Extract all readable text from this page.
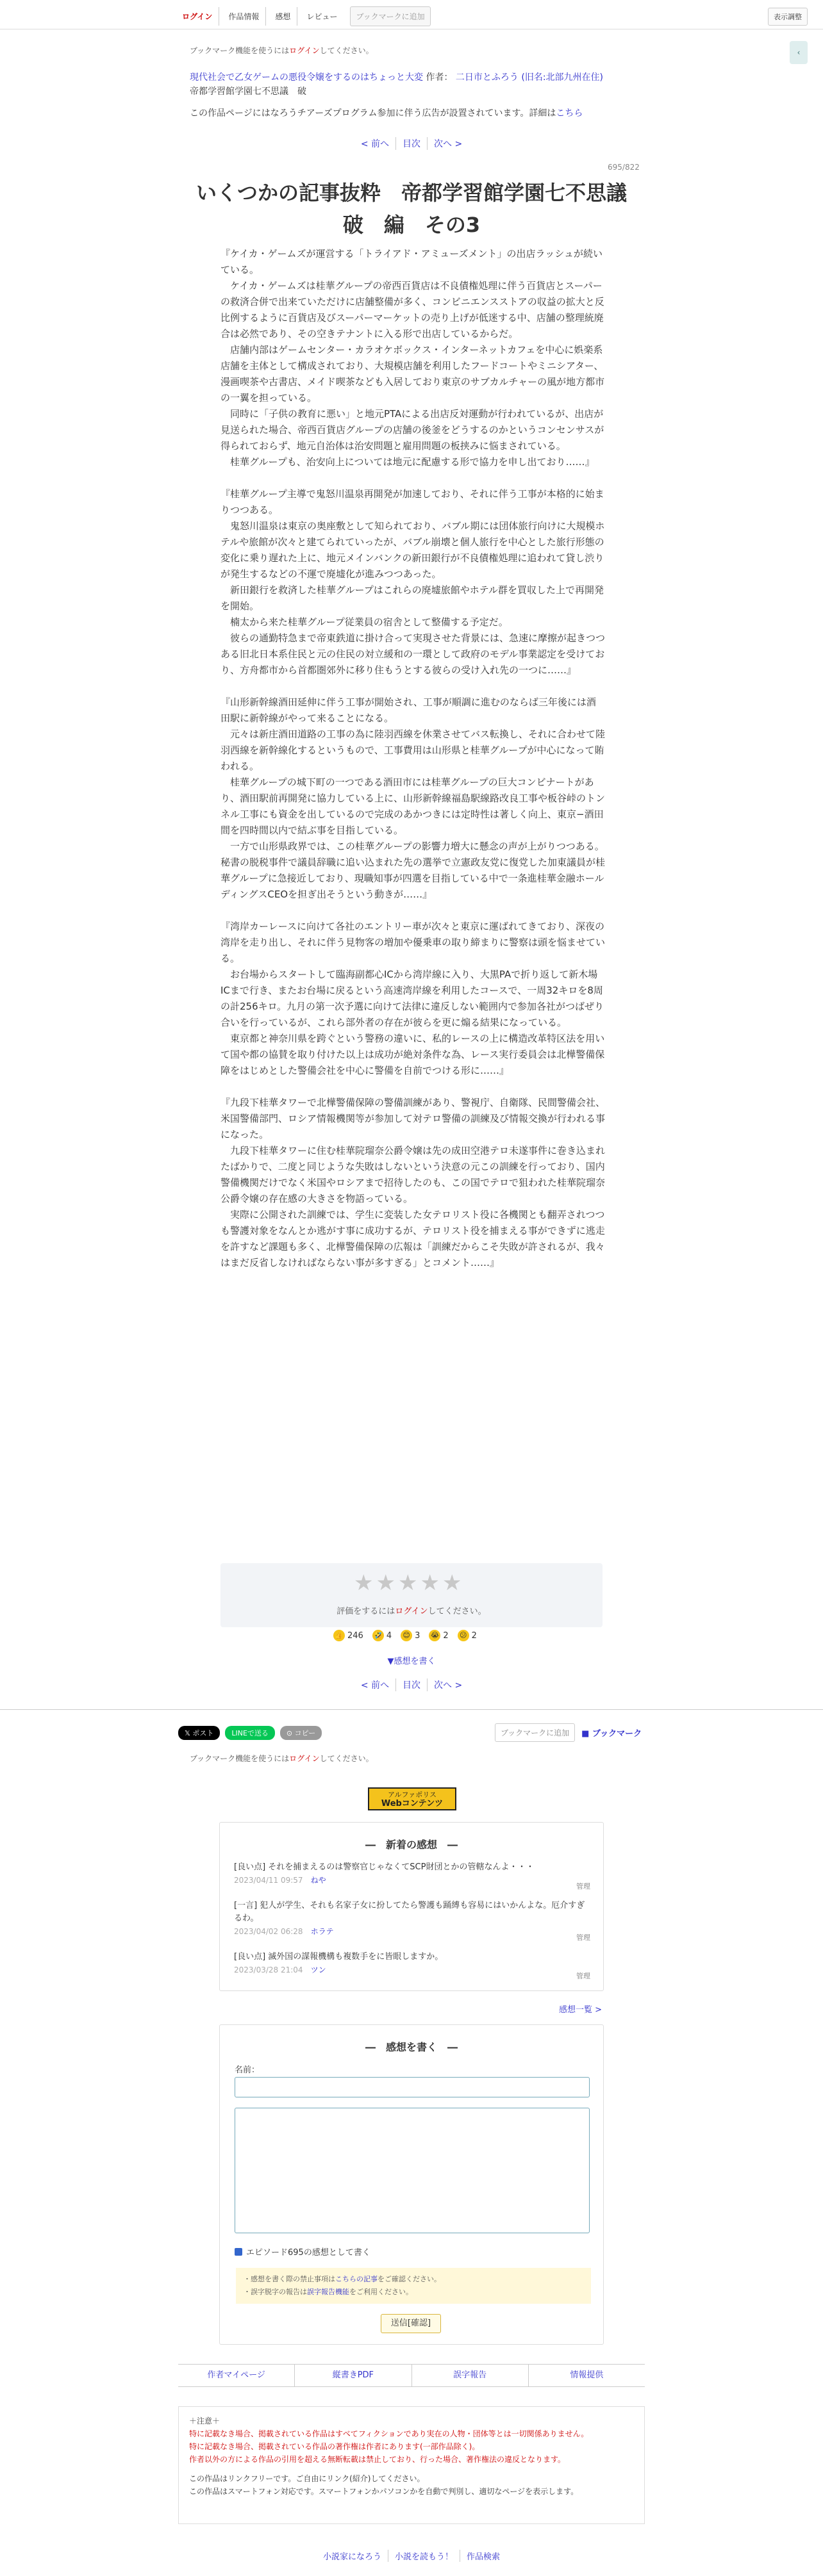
ログイン	作品情報	感想	レビュー	ブックマークに追加	表示調整
‹
ブックマーク機能を使うにはログインしてください。
現代社会で乙女ゲームの悪役令嬢をするのはちょっと大変 作者： 二日市とふろう (旧名:北部九州在住)
帝都学習館学園七不思議　破
この作品ページにはなろうチアーズプログラム参加に伴う広告が設置されています。詳細はこちら
< 前へ 目次 次へ >
695/822
いくつかの記事抜粋　帝都学習館学園七不思議　破　編　その3

『ケイカ・ゲームズが運営する「トライアド・アミューズメント」の出店ラッシュが続いている。

　ケイカ・ゲームズは桂華グループの帝西百貨店は不良債権処理に伴う百貨店とスーパーの救済合併で出来ていただけに店舗整備が多く、コンビニエンスストアの収益の拡大と反比例するように百貨店及びスーパーマーケットの売り上げが低迷する中、店舗の整理統廃合は必然であり、その空きテナントに入る形で出店しているからだ。

　店舗内部はゲームセンター・カラオケボックス・インターネットカフェを中心に娯楽系店舗を主体として構成されており、大規模店舗を利用したフードコートやミニシアター、漫画喫茶や古書店、メイド喫茶なども入居しており東京のサブカルチャーの風が地方都市の一翼を担っている。

　同時に「子供の教育に悪い」と地元PTAによる出店反対運動が行われているが、出店が見送られた場合、帝西百貨店グループの店舗の後釜をどうするのかというコンセンサスが得られておらず、地元自治体は治安問題と雇用問題の板挟みに悩まされている。

　桂華グループも、治安向上については地元に配慮する形で協力を申し出ており……』

『桂華グループ主導で鬼怒川温泉再開発が加速しており、それに伴う工事が本格的に始まりつつある。

　鬼怒川温泉は東京の奥座敷として知られており、バブル期には団体旅行向けに大規模ホテルや旅館が次々と建てられていったが、バブル崩壊と個人旅行を中心とした旅行形態の変化に乗り遅れた上に、地元メインバンクの新田銀行が不良債権処理に追われて貸し渋りが発生するなどの不運で廃墟化が進みつつあった。

　新田銀行を救済した桂華グループはこれらの廃墟旅館やホテル群を買収した上で再開発を開始。

　楠太から来た桂華グループ従業員の宿舎として整備する予定だ。

　彼らの通勤特急まで帝東鉄道に掛け合って実現させた背景には、急速に摩擦が起きつつある旧北日本系住民と元の住民の対立緩和の一環として政府のモデル事業認定を受けており、方舟都市から首都圏郊外に移り住もうとする彼らの受け入れ先の一つに……』

『山形新幹線酒田延伸に伴う工事が開始され、工事が順調に進むのならば三年後には酒田駅に新幹線がやって来ることになる。

　元々は新庄酒田道路の工事の為に陸羽西線を休業させてバス転換し、それに合わせて陸羽西線を新幹線化するというもので、工事費用は山形県と桂華グループが中心になって賄われる。

　桂華グループの城下町の一つである酒田市には桂華グループの巨大コンビナートがあり、酒田駅前再開発に協力している上に、山形新幹線福島駅線路改良工事や板谷峠のトンネル工事にも資金を出しているので完成のあかつきには定時性は著しく向上、東京−酒田間を四時間以内で結ぶ事を目指している。

　一方で山形県政界では、この桂華グループの影響力増大に懸念の声が上がりつつある。秘書の脱税事件で議員辞職に追い込まれた先の選挙で立憲政友党に復党した加東議員が桂華グループに急接近しており、現職知事が四選を目指している中で一条進桂華金融ホールディングスCEOを担ぎ出そうという動きが……』

『湾岸カーレースに向けて各社のエントリー車が次々と東京に運ばれてきており、深夜の湾岸を走り出し、それに伴う見物客の増加や優乗車の取り締まりに警察は頭を悩ませている。

　お台場からスタートして臨海副都心ICから湾岸線に入り、大黒PAで折り返して新木場ICまで行き、またお台場に戻るという高速湾岸線を利用したコースで、一周32キロを8周の計256キロ。九月の第一次予選に向けて法律に違反しない範囲内で参加各社がつばぜり合いを行っているが、これら部外者の存在が彼らを更に煽る結果になっている。

　東京都と神奈川県を跨ぐという警務の違いに、私的レースの上に構造改革特区法を用いて国や都の協賛を取り付けた以上は成功が絶対条件な為、レース実行委員会は北樺警備保障をはじめとした警備会社を中心に警備を自前でつける形に……』

『九段下桂華タワーで北樺警備保障の警備訓練があり、警視庁、自衛隊、民間警備会社、米国警備部門、ロシア情報機関等が参加して対テロ警備の訓練及び情報交換が行われる事になった。

　九段下桂華タワーに住む桂華院瑠奈公爵令嬢は先の成田空港テロ未遂事件に巻き込まれたばかりで、二度と同じような失敗はしないという決意の元この訓練を行っており、国内警備機関だけでなく米国やロシアまで招待したのも、この国でテロで狙われた桂華院瑠奈公爵令嬢の存在感の大きさを物語っている。

　実際に公開された訓練では、学生に変装した女テロリスト役に各機関とも翻弄されつつも警護対象をなんとか逃がす事に成功するが、テロリスト役を捕まえる事ができずに逃走を許すなど課題も多く、北樺警備保障の広報は「訓練だからこそ失敗が許されるが、我々はまだ反省しなければならない事が多すぎる」とコメント……』

★ ★ ★ ★ ★
評価をするにはログインしてください。
👍 246 🤣 4 😊 3 😭 2 😕 2
▼感想を書く
< 前へ 目次 次へ >
𝕏 ポスト	LINEで送る	⊙ コピー	ブックマークに追加	■ ブックマーク
ブックマーク機能を使うにはログインしてください。
アルファポリス
Webコンテンツ
―　新着の感想　―
[良い点] それを捕まえるのは警察官じゃなくてSCP財団とかの管轄なんよ・・・
2023/04/11 09:57　 ねや
管理
[一言] 犯人が学生、それも名家子女に扮してたら警護も踊縛も容易にはいかんよな。厄介すぎるわ。
2023/04/02 06:28　 ホラテ
管理
[良い点] 滅外国の謀報機構も複数手をに皆眼しますか。
2023/03/28 21:04　 ツン
管理
感想一覧 >
―　感想を書く　―
名前：
エピソード695の感想として書く
・感想を書く際の禁止事項はこちらの記事をご確認ください。
・誤字脱字の報告は誤字報告機能をご利用ください。
送信[確認]
作者マイページ	縦書きPDF	誤字報告	情報提供
＋注意＋
特に記載なき場合、掲載されている作品はすべてフィクションであり実在の人物・団体等とは一切関係ありません。
特に記載なき場合、掲載されている作品の著作権は作者にあります(一部作品除く)。
作者以外の方による作品の引用を超える無断転載は禁止しており、行った場合、著作権法の違反となります。
この作品はリンクフリーです。ご自由にリンク(紹介)してください。
この作品はスマートフォン対応です。スマートフォンかパソコンかを自動で判別し、適切なページを表示します。
小説家になろう 小説を読もう！ 作品検索
